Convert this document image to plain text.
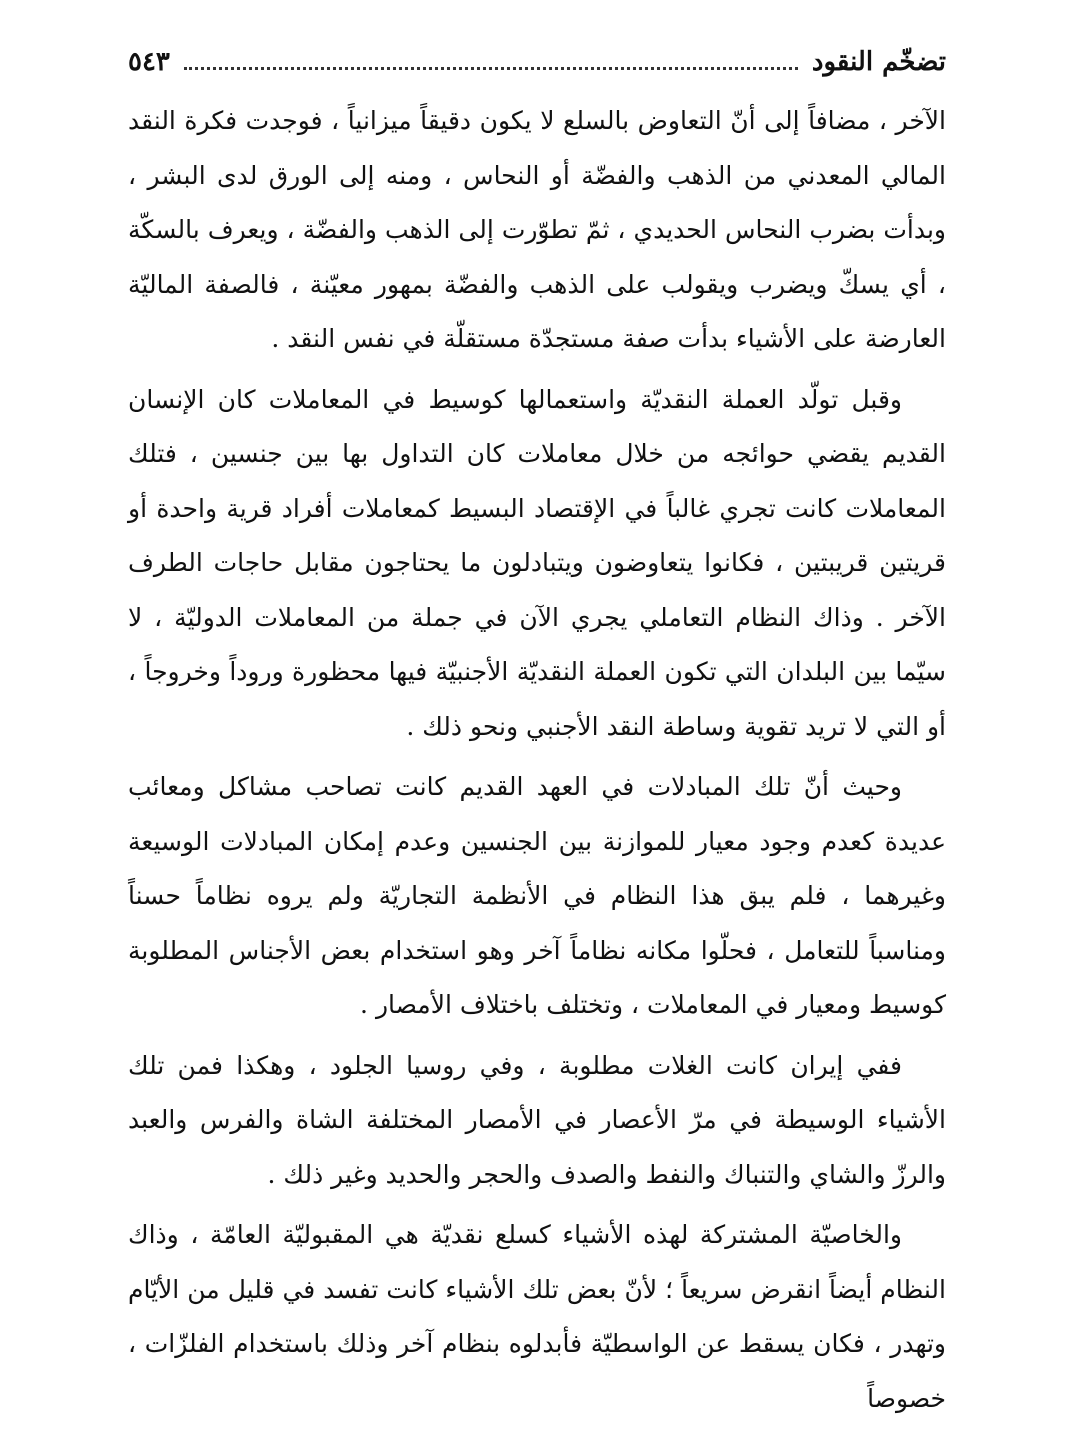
تضخّم النقود
٥٤٣

الآخر ، مضافاً إلى أنّ التعاوض بالسلع لا يكون دقيقاً ميزانياً ، فوجدت فكرة النقد المالي المعدني من الذهب والفضّة أو النحاس ، ومنه إلى الورق لدى البشر ، وبدأت بضرب النحاس الحديدي ، ثمّ تطوّرت إلى الذهب والفضّة ، ويعرف بالسكّة ، أي يسكّ ويضرب ويقولب على الذهب والفضّة بمهور معيّنة ، فالصفة الماليّة العارضة على الأشياء بدأت صفة مستجدّة مستقلّة في نفس النقد .

وقبل تولّد العملة النقديّة واستعمالها كوسيط في المعاملات كان الإنسان القديم يقضي حوائجه من خلال معاملات كان التداول بها بين جنسين ، فتلك المعاملات كانت تجري غالباً في الإقتصاد البسيط كمعاملات أفراد قرية واحدة أو قريتين قريبتين ، فكانوا يتعاوضون ويتبادلون ما يحتاجون مقابل حاجات الطرف الآخر . وذاك النظام التعاملي يجري الآن في جملة من المعاملات الدوليّة ، لا سيّما بين البلدان التي تكون العملة النقديّة الأجنبيّة فيها محظورة وروداً وخروجاً ، أو التي لا تريد تقوية وساطة النقد الأجنبي ونحو ذلك .

وحيث أنّ تلك المبادلات في العهد القديم كانت تصاحب مشاكل ومعائب عديدة كعدم وجود معيار للموازنة بين الجنسين وعدم إمكان المبادلات الوسيعة وغيرهما ، فلم يبق هذا النظام في الأنظمة التجاريّة ولم يروه نظاماً حسناً ومناسباً للتعامل ، فحلّوا مكانه نظاماً آخر وهو استخدام بعض الأجناس المطلوبة كوسيط ومعيار في المعاملات ، وتختلف باختلاف الأمصار .

ففي إيران كانت الغلات مطلوبة ، وفي روسيا الجلود ، وهكذا فمن تلك الأشياء الوسيطة في مرّ الأعصار في الأمصار المختلفة الشاة والفرس والعبد والرزّ والشاي والتنباك والنفط والصدف والحجر والحديد وغير ذلك .

والخاصيّة المشتركة لهذه الأشياء كسلع نقديّة هي المقبوليّة العامّة ، وذاك النظام أيضاً انقرض سريعاً ؛ لأنّ بعض تلك الأشياء كانت تفسد في قليل من الأيّام وتهدر ، فكان يسقط عن الواسطيّة فأبدلوه بنظام آخر وذلك باستخدام الفلزّات ، خصوصاً
